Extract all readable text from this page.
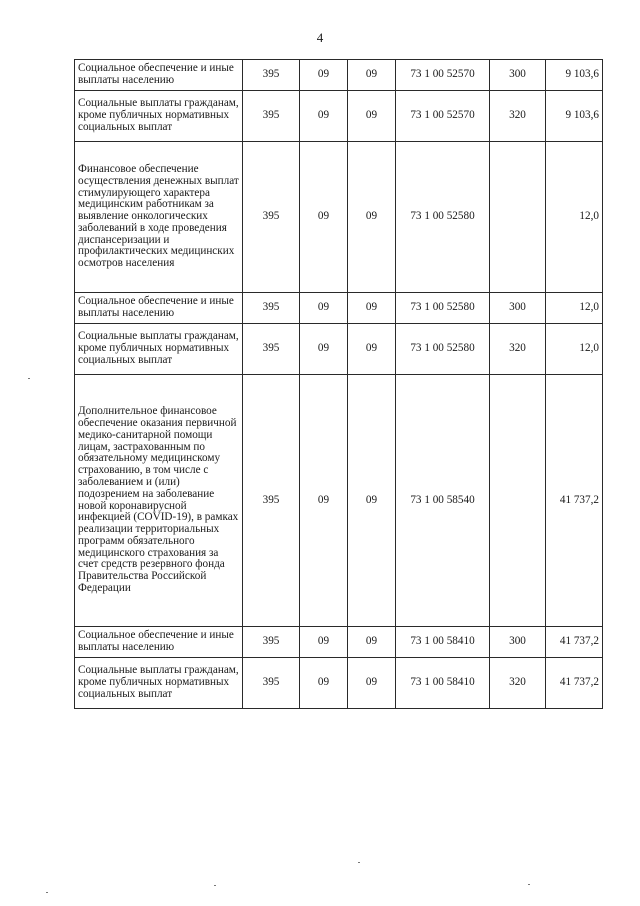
4
Социальное обеспечение и иные выплаты населению	395	09	09	73 1 00 52570	300	9 103,6
Социальные выплаты гражданам, кроме публичных нормативных социальных выплат	395	09	09	73 1 00 52570	320	9 103,6
Финансовое обеспечение осуществления денежных выплат стимулирующего характера медицинским работникам за выявление онкологических заболеваний в ходе проведения диспансеризации и профилактических медицинских осмотров населения	395	09	09	73 1 00 52580		12,0
Социальное обеспечение и иные выплаты населению	395	09	09	73 1 00 52580	300	12,0
Социальные выплаты гражданам, кроме публичных нормативных социальных выплат	395	09	09	73 1 00 52580	320	12,0
Дополнительное финансовое обеспечение оказания первичной медико-санитарной помощи лицам, застрахованным по обязательному медицинскому страхованию, в том числе с заболеванием и (или) подозрением на заболевание новой коронавирусной инфекцией (COVID-19), в рамках реализации территориальных программ обязательного медицинского страхования за счет средств резервного фонда Правительства Российской Федерации	395	09	09	73 1 00 58540		41 737,2
Социальное обеспечение и иные выплаты населению	395	09	09	73 1 00 58410	300	41 737,2
Социальные выплаты гражданам, кроме публичных нормативных социальных выплат	395	09	09	73 1 00 58410	320	41 737,2
